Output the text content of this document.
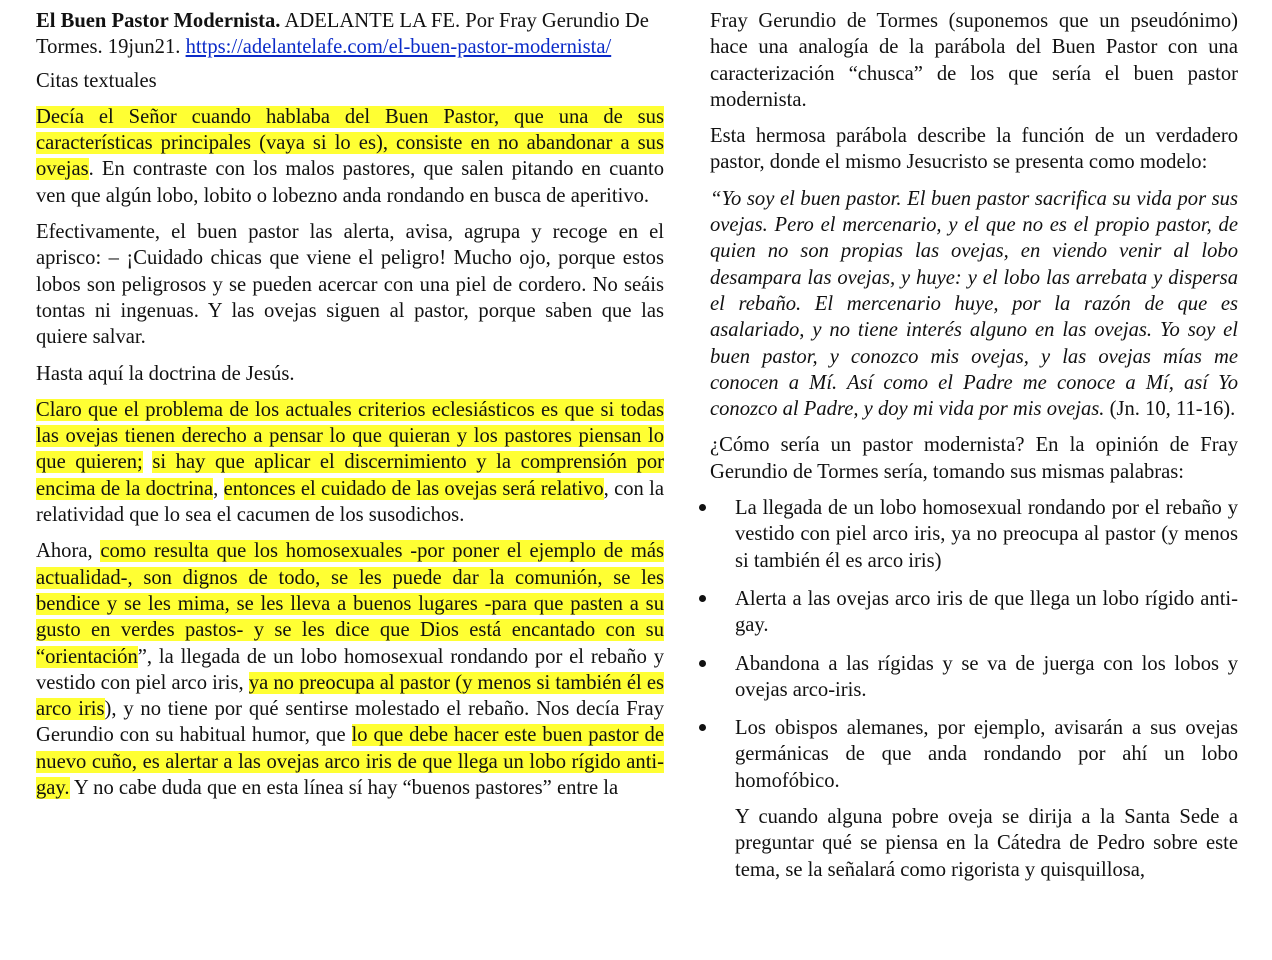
El Buen Pastor Modernista. ADELANTE LA FE. Por Fray Gerundio De Tormes. 19jun21. https://adelantelafe.com/el-buen-pastor-modernista/

Citas textuales

Decía el Señor cuando hablaba del Buen Pastor, que una de sus características principales (vaya si lo es), consiste en no abandonar a sus ovejas. En contraste con los malos pastores, que salen pitando en cuanto ven que algún lobo, lobito o lobezno anda rondando en busca de aperitivo.

Efectivamente, el buen pastor las alerta, avisa, agrupa y recoge en el aprisco: – ¡Cuidado chicas que viene el peligro! Mucho ojo, porque estos lobos son peligrosos y se pueden acercar con una piel de cordero. No seáis tontas ni ingenuas. Y las ovejas siguen al pastor, porque saben que las quiere salvar.

Hasta aquí la doctrina de Jesús.

Claro que el problema de los actuales criterios eclesiásticos es que si todas las ovejas tienen derecho a pensar lo que quieran y los pastores piensan lo que quieren; si hay que aplicar el discernimiento y la comprensión por encima de la doctrina, entonces el cuidado de las ovejas será relativo, con la relatividad que lo sea el cacumen de los susodichos.

Ahora, como resulta que los homosexuales -por poner el ejemplo de más actualidad-, son dignos de todo, se les puede dar la comunión, se les bendice y se les mima, se les lleva a buenos lugares -para que pasten a su gusto en verdes pastos- y se les dice que Dios está encantado con su “orientación”, la llegada de un lobo homosexual rondando por el rebaño y vestido con piel arco iris, ya no preocupa al pastor (y menos si también él es arco iris), y no tiene por qué sentirse molestado el rebaño. Nos decía Fray Gerundio con su habitual humor, que lo que debe hacer este buen pastor de nuevo cuño, es alertar a las ovejas arco iris de que llega un lobo rígido anti-gay. Y no cabe duda que en esta línea sí hay “buenos pastores” entre la

Fray Gerundio de Tormes (suponemos que un pseudónimo) hace una analogía de la parábola del Buen Pastor con una caracterización “chusca” de los que sería el buen pastor modernista.

Esta hermosa parábola describe la función de un verdadero pastor, donde el mismo Jesucristo se presenta como modelo:

“Yo soy el buen pastor. El buen pastor sacrifica su vida por sus ovejas. Pero el mercenario, y el que no es el propio pastor, de quien no son propias las ovejas, en viendo venir al lobo desampara las ovejas, y huye: y el lobo las arrebata y dispersa el rebaño. El mercenario huye, por la razón de que es asalariado, y no tiene interés alguno en las ovejas. Yo soy el buen pastor, y conozco mis ovejas, y las ovejas mías me conocen a Mí. Así como el Padre me conoce a Mí, así Yo conozco al Padre, y doy mi vida por mis ovejas. (Jn. 10, 11-16).

¿Cómo sería un pastor modernista? En la opinión de Fray Gerundio de Tormes sería, tomando sus mismas palabras:

La llegada de un lobo homosexual rondando por el rebaño y vestido con piel arco iris, ya no preocupa al pastor (y menos si también él es arco iris)
Alerta a las ovejas arco iris de que llega un lobo rígido anti-gay.
Abandona a las rígidas y se va de juerga con los lobos y ovejas arco-iris.
Los obispos alemanes, por ejemplo, avisarán a sus ovejas germánicas de que anda rondando por ahí un lobo homofóbico.

Y cuando alguna pobre oveja se dirija a la Santa Sede a preguntar qué se piensa en la Cátedra de Pedro sobre este tema, se la señalará como rigorista y quisquillosa,
